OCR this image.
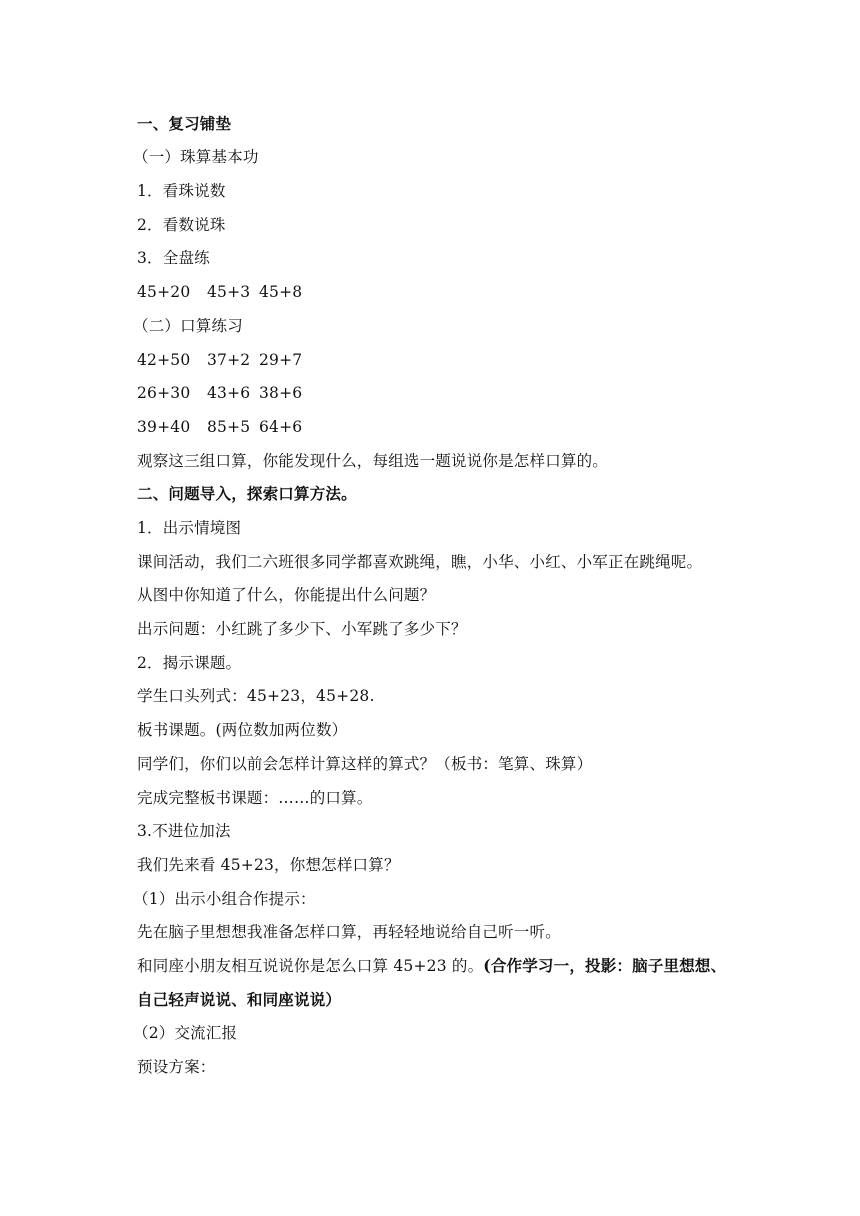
一、复习铺垫
（一）珠算基本功
1．看珠说数
2．看数说珠
3．全盘练
45+20 45+3 45+8
（二）口算练习
42+50 37+2 29+7
26+30 43+6 38+6
39+40 85+5 64+6
观察这三组口算，你能发现什么，每组选一题说说你是怎样口算的。
二、问题导入，探索口算方法。
1．出示情境图
课间活动，我们二六班很多同学都喜欢跳绳，瞧，小华、小红、小军正在跳绳呢。
从图中你知道了什么，你能提出什么问题？
出示问题：小红跳了多少下、小军跳了多少下？
2．揭示课题。
学生口头列式：45+23，45+28.
板书课题。(两位数加两位数）
同学们，你们以前会怎样计算这样的算式？（板书：笔算、珠算）
完成完整板书课题：……的口算。
3.不进位加法
我们先来看 45+23，你想怎样口算？
（1）出示小组合作提示：
先在脑子里想想我准备怎样口算，再轻轻地说给自己听一听。
和同座小朋友相互说说你是怎么口算 45+23 的。(合作学习一，投影：脑子里想想、
自己轻声说说、和同座说说）
（2）交流汇报
预设方案：
